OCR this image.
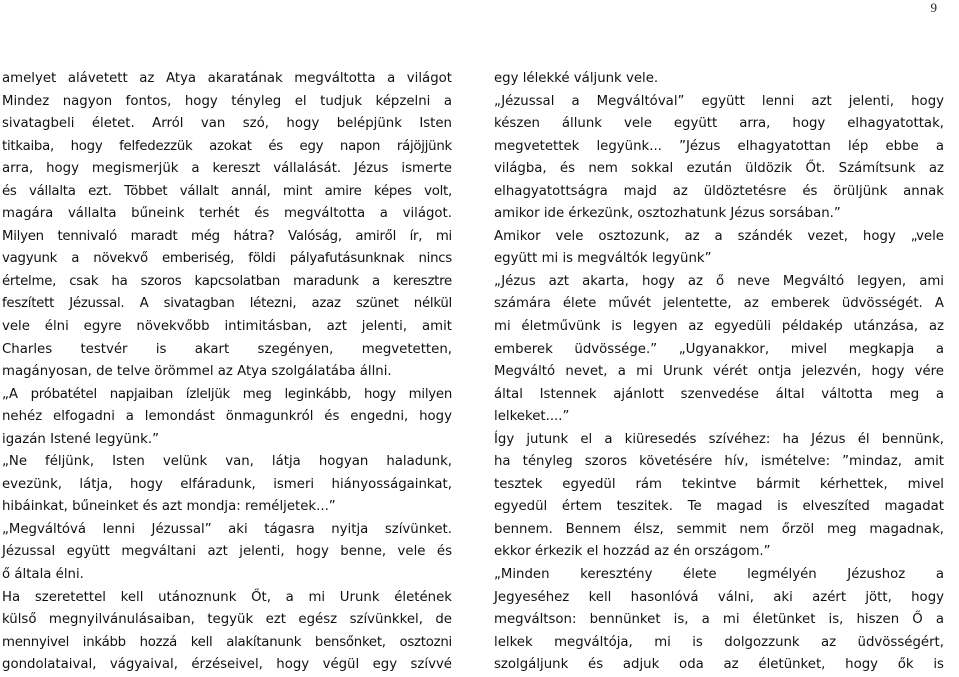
9
amelyet alávetett az Atya akaratának megváltotta a világot
Mindez nagyon fontos, hogy tényleg el tudjuk képzelni a
sivatagbeli életet. Arról van szó, hogy belépjünk Isten
titkaiba, hogy felfedezzük azokat és egy napon rájöjjünk
arra, hogy megismerjük a kereszt vállalását. Jézus ismerte
és vállalta ezt. Többet vállalt annál, mint amire képes volt,
magára vállalta bűneink terhét és megváltotta a világot.
Milyen tennivaló maradt még hátra? Valóság, amiről ír, mi
vagyunk a növekvő emberiség, földi pályafutásunknak nincs
értelme, csak ha szoros kapcsolatban maradunk a keresztre
feszített Jézussal. A sivatagban létezni, azaz szünet nélkül
vele élni egyre növekvőbb intimitásban, azt jelenti, amit
Charles testvér is akart szegényen, megvetetten,
magányosan, de telve örömmel az Atya szolgálatába állni.
„A próbatétel napjaiban ízleljük meg leginkább, hogy milyen
nehéz elfogadni a lemondást önmagunkról és engedni, hogy
igazán Istené legyünk.”
„Ne féljünk, Isten velünk van, látja hogyan haladunk,
evezünk, látja, hogy elfáradunk, ismeri hiányosságainkat,
hibáinkat, bűneinket és azt mondja: reméljetek...”
„Megváltóvá lenni Jézussal” aki tágasra nyitja szívünket.
Jézussal együtt megváltani azt jelenti, hogy benne, vele és
ő általa élni.
Ha szeretettel kell utánoznunk Őt, a mi Urunk életének
külső megnyilvánulásaiban, tegyük ezt egész szívünkkel, de
mennyivel inkább hozzá kell alakítanunk bensőnket, osztozni
gondolataival, vágyaival, érzéseivel, hogy végül egy szívvé
egy lélekké váljunk vele.
„Jézussal a Megváltóval” együtt lenni azt jelenti, hogy
készen állunk vele együtt arra, hogy elhagyatottak,
megvetettek legyünk... ”Jézus elhagyatottan lép ebbe a
világba, és nem sokkal ezután üldözik Őt. Számítsunk az
elhagyatottságra majd az üldöztetésre és örüljünk annak
amikor ide érkezünk, osztozhatunk Jézus sorsában.”
Amikor vele osztozunk, az a szándék vezet, hogy „vele
együtt mi is megváltók legyünk”
„Jézus azt akarta, hogy az ő neve Megváltó legyen, ami
számára élete művét jelentette, az emberek üdvösségét. A
mi életművünk is legyen az egyedüli példakép utánzása, az
emberek üdvössége.” „Ugyanakkor, mivel megkapja a
Megváltó nevet, a mi Urunk vérét ontja jelezvén, hogy vére
által Istennek ajánlott szenvedése által váltotta meg a
lelkeket....”
Így jutunk el a kiüresedés szívéhez: ha Jézus él bennünk,
ha tényleg szoros követésére hív, ismételve: ”mindaz, amit
tesztek egyedül rám tekintve bármit kérhettek, mivel
egyedül értem teszitek. Te magad is elveszíted magadat
bennem. Bennem élsz, semmit nem őrzöl meg magadnak,
ekkor érkezik el hozzád az én országom.”
„Minden keresztény élete legmélyén Jézushoz a
Jegyeséhez kell hasonlóvá válni, aki azért jött, hogy
megváltson: bennünket is, a mi életünket is, hiszen Ő a
lelkek megváltója, mi is dolgozzunk az üdvösségért,
szolgáljunk és adjuk oda az életünket, hogy ők is
